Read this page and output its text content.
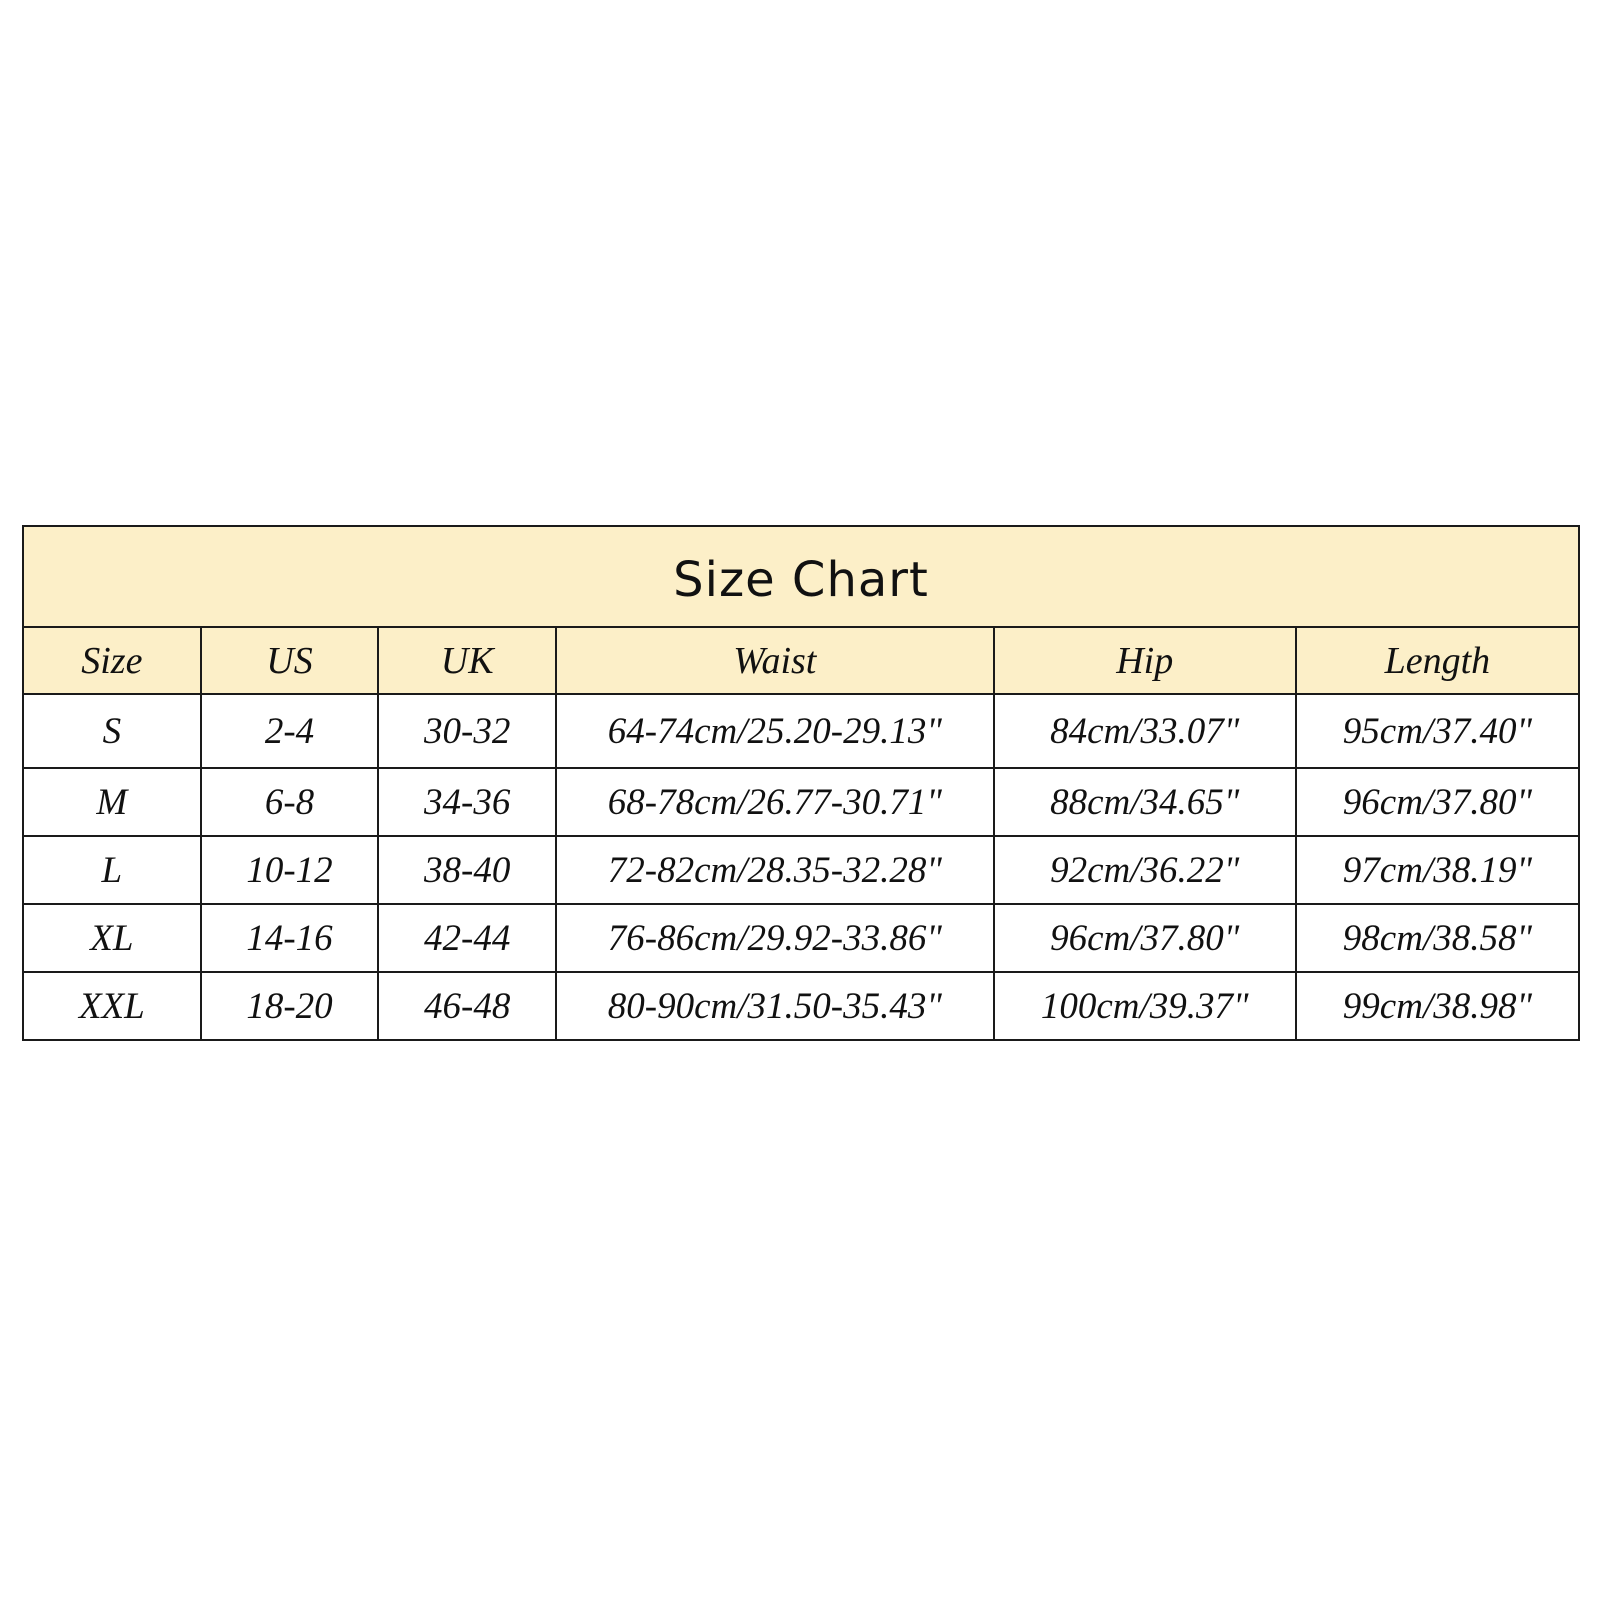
Size Chart					
Size	US	UK	Waist	Hip	Length
S	2-4	30-32	64-74cm/25.20-29.13"	84cm/33.07"	95cm/37.40"
M	6-8	34-36	68-78cm/26.77-30.71"	88cm/34.65"	96cm/37.80"
L	10-12	38-40	72-82cm/28.35-32.28"	92cm/36.22"	97cm/38.19"
XL	14-16	42-44	76-86cm/29.92-33.86"	96cm/37.80"	98cm/38.58"
XXL	18-20	46-48	80-90cm/31.50-35.43"	100cm/39.37"	99cm/38.98"
